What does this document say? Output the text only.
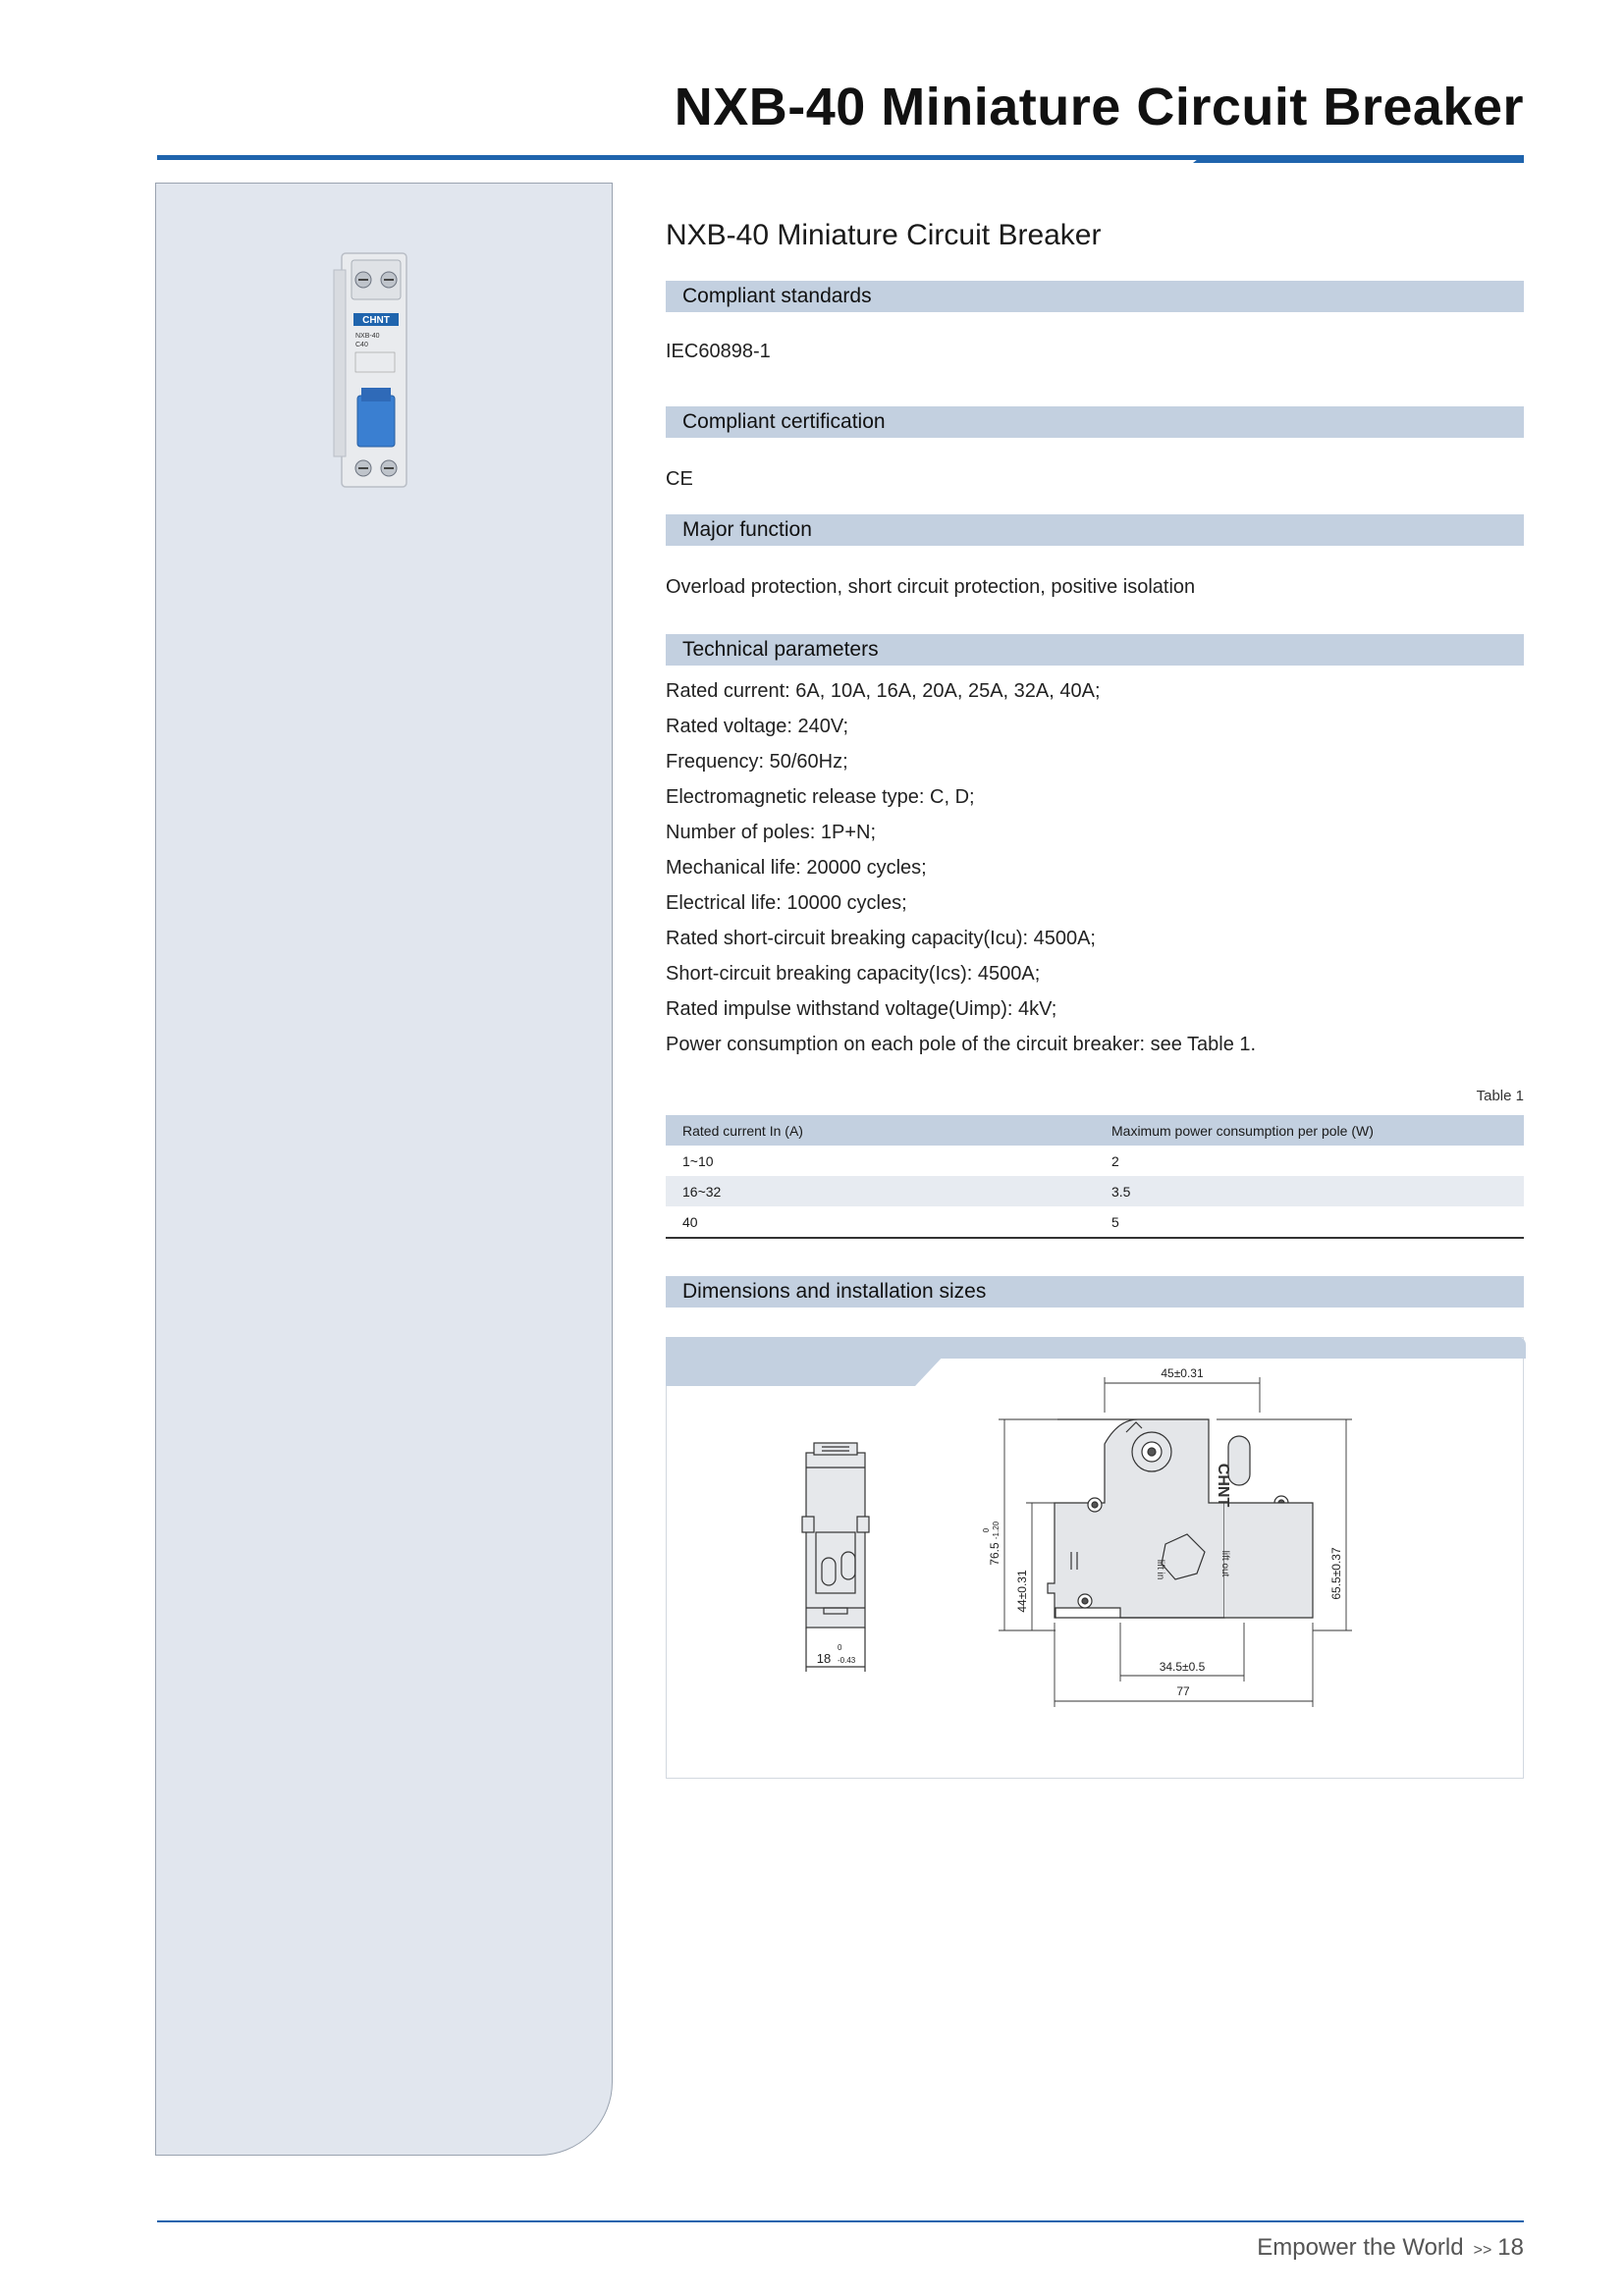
NXB-40 Miniature Circuit Breaker
CHNT
NXB-40
C40
NXB-40 Miniature Circuit Breaker
Compliant standards
IEC60898-1
Compliant certification
CE
Major function
Overload protection, short circuit protection, positive isolation
Technical parameters
Rated current: 6A, 10A, 16A, 20A, 25A, 32A, 40A;
Rated voltage: 240V;
Frequency: 50/60Hz;
Electromagnetic release type: C, D;
Number of poles: 1P+N;
Mechanical life: 20000 cycles;
Electrical life: 10000 cycles;
Rated short-circuit breaking capacity(Icu): 4500A;
Short-circuit breaking capacity(Ics): 4500A;
Rated impulse withstand voltage(Uimp): 4kV;
Power consumption on each pole of the circuit breaker: see Table 1.
Table 1
Rated current In (A)	Maximum power consumption per pole (W)
1~10	2
16~32	3.5
40	5
Dimensions and installation sizes
18
0
-0.43
CHNT
lift out
lift in
45±0.31
76.5
0 -1.20
44±0.31	65.5±0.37
34.5±0.5
77
Empower the World >> 18
